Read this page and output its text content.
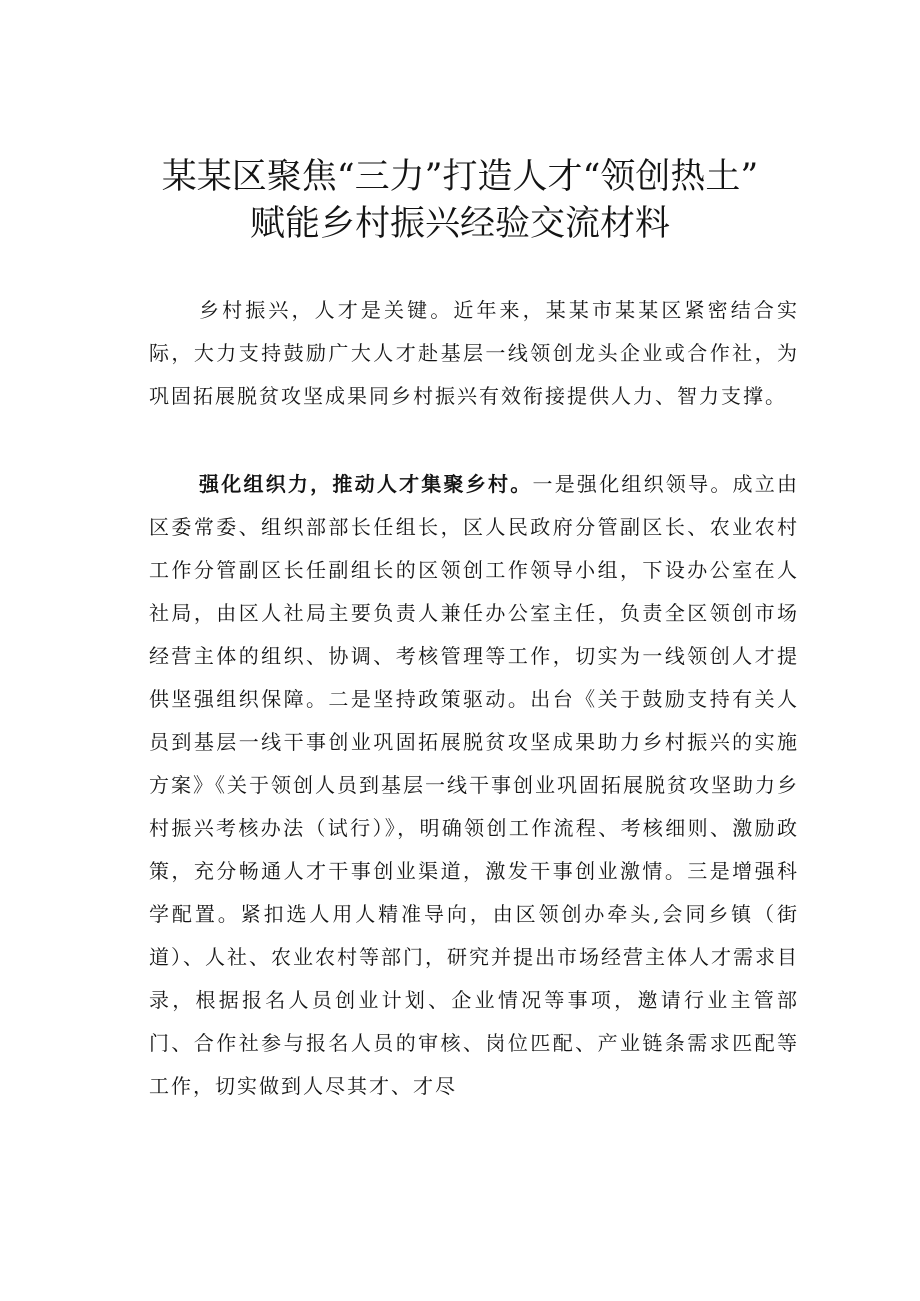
某某区聚焦“三力”打造人才“领创热土”
赋能乡村振兴经验交流材料

乡村振兴，人才是关键。近年来，某某市某某区紧密结合实际，大力支持鼓励广大人才赴基层一线领创龙头企业或合作社，为巩固拓展脱贫攻坚成果同乡村振兴有效衔接提供人力、智力支撑。

强化组织力，推动人才集聚乡村。一是强化组织领导。成立由区委常委、组织部部长任组长，区人民政府分管副区长、农业农村工作分管副区长任副组长的区领创工作领导小组，下设办公室在人社局，由区人社局主要负责人兼任办公室主任，负责全区领创市场经营主体的组织、协调、考核管理等工作，切实为一线领创人才提供坚强组织保障。二是坚持政策驱动。出台《关于鼓励支持有关人员到基层一线干事创业巩固拓展脱贫攻坚成果助力乡村振兴的实施方案》《关于领创人员到基层一线干事创业巩固拓展脱贫攻坚助力乡村振兴考核办法（试行）》，明确领创工作流程、考核细则、激励政策，充分畅通人才干事创业渠道，激发干事创业激情。三是增强科学配置。紧扣选人用人精准导向，由区领创办牵头,会同乡镇（街道）、人社、农业农村等部门，研究并提出市场经营主体人才需求目录，根据报名人员创业计划、企业情况等事项，邀请行业主管部门、合作社参与报名人员的审核、岗位匹配、产业链条需求匹配等工作，切实做到人尽其才、才尽
